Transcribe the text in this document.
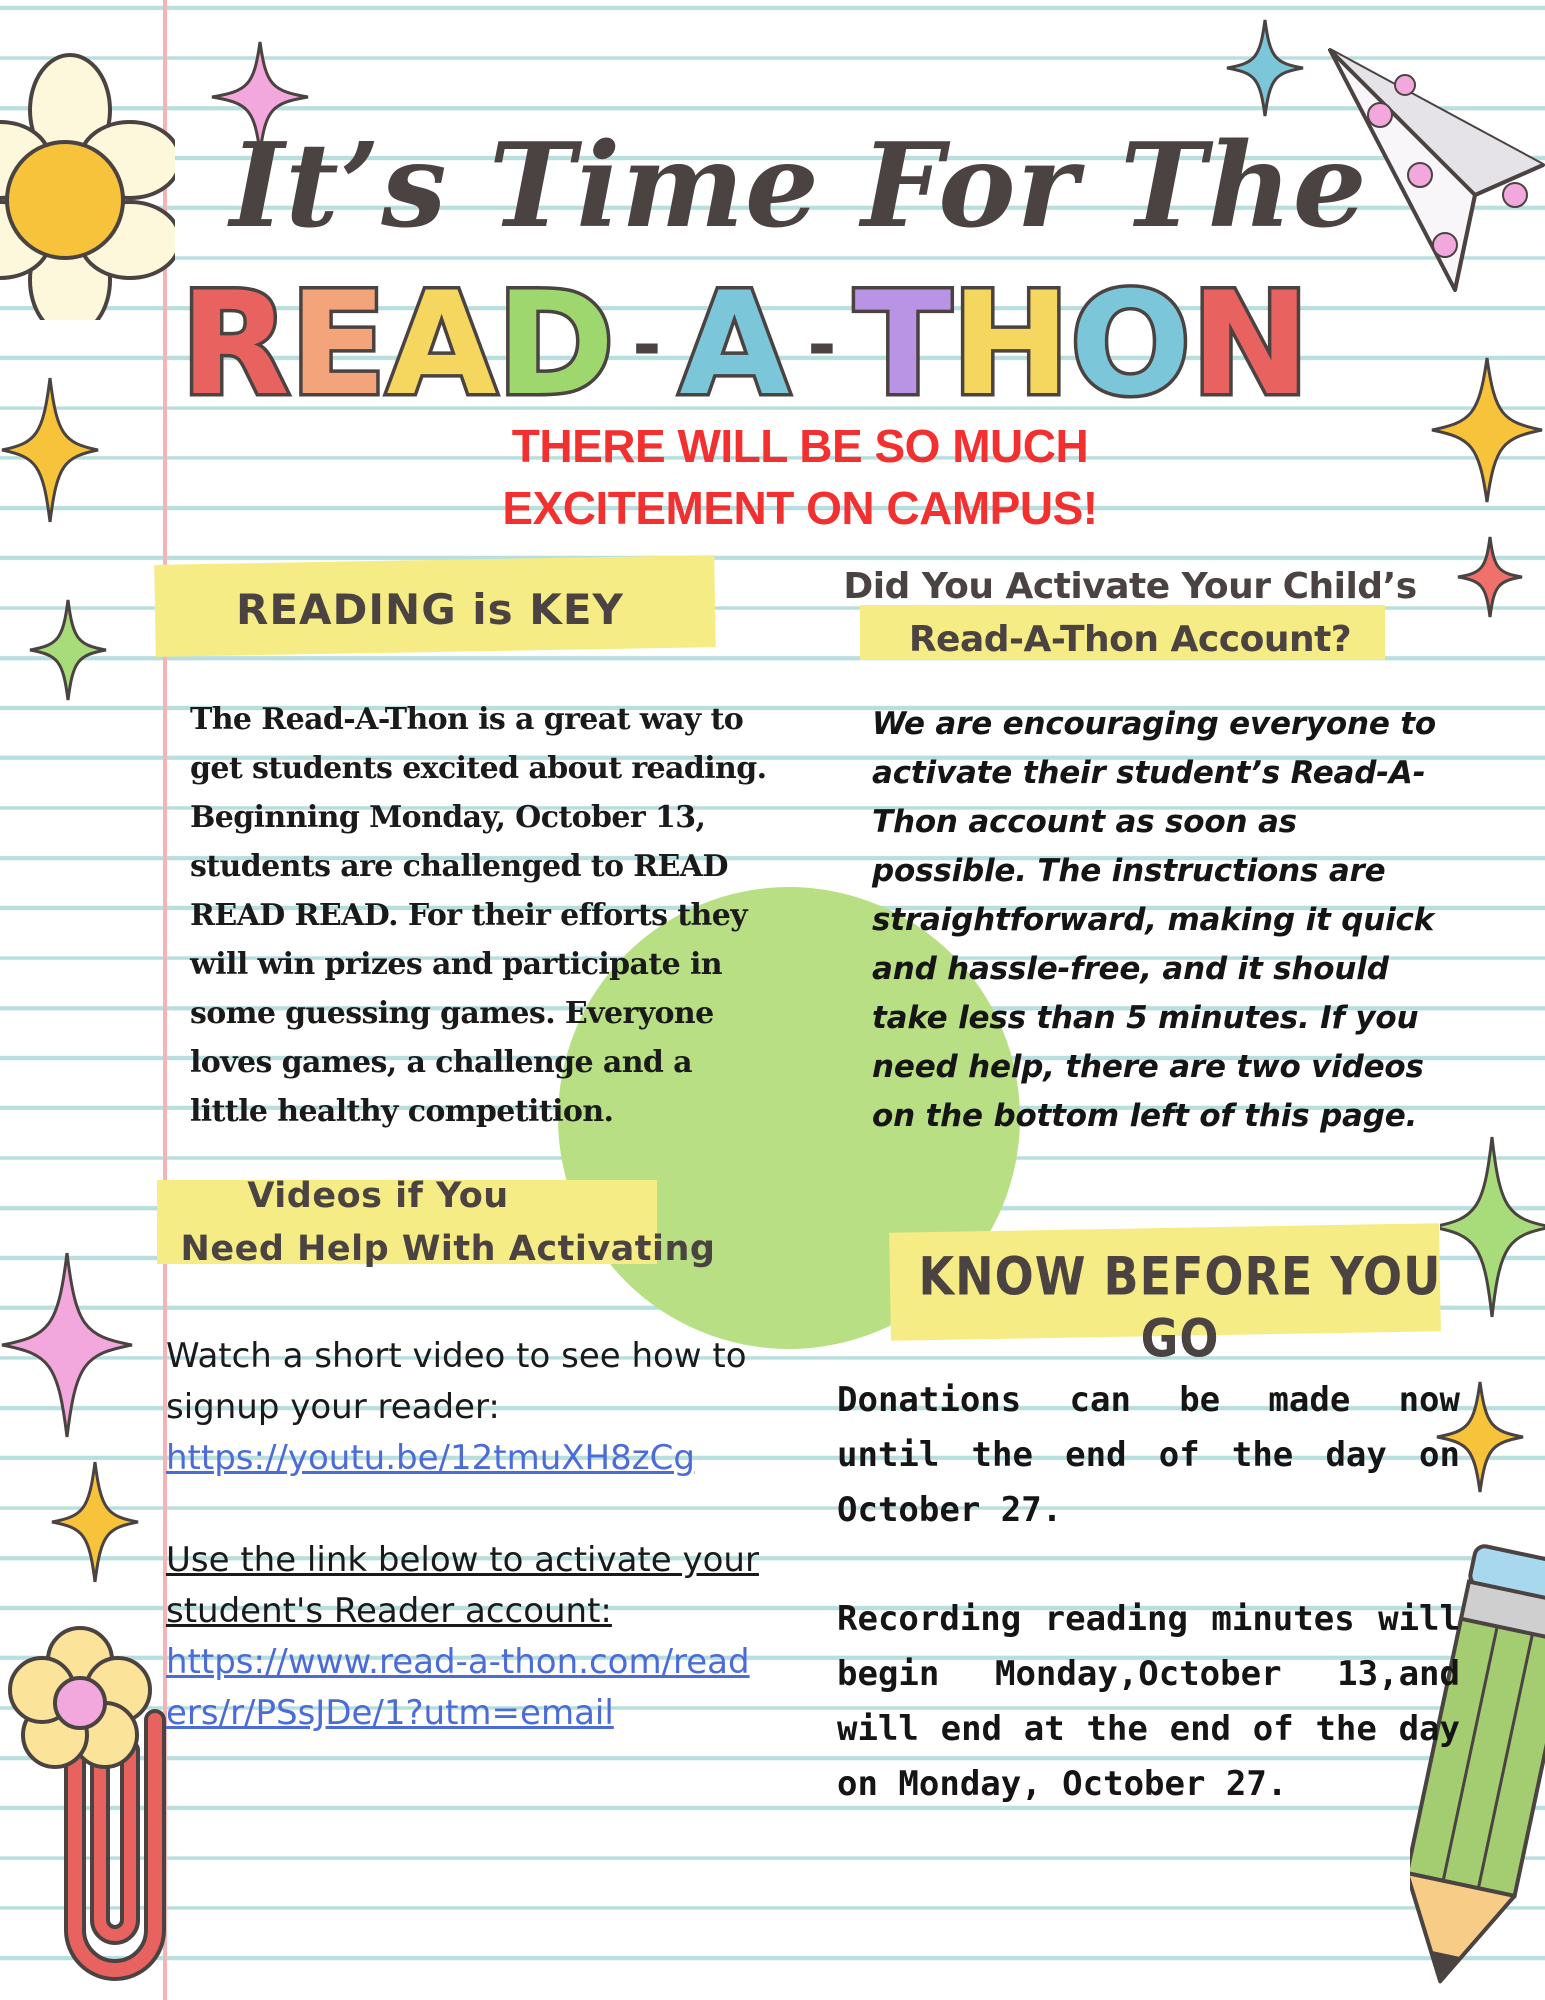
It’s Time For The
R E A D - A - T H O N
THERE WILL BE SO MUCH
EXCITEMENT ON CAMPUS!
READING is KEY
The Read-A-Thon is a great way to get students excited about reading. Beginning Monday, October 13, students are challenged to READ READ READ. For their efforts they will win prizes and participate in some guessing games. Everyone loves games, a challenge and a little healthy competition.
Videos if You
Need Help With Activating
Watch a short video to see how to signup your reader:
https://youtu.be/12tmuXH8zCg
Use the link below to activate your student's Reader account:
https://www.read-a-thon.com/readers/r/PSsJDe/1?utm=email
Did You Activate Your Child’s
Read-A-Thon Account?
We are encouraging everyone to activate their student’s Read-A-Thon account as soon as possible. The instructions are straightforward, making it quick and hassle-free, and it should take less than 5 minutes. If you need help, there are two videos on the bottom left of this page.
KNOW BEFORE YOU GO
Donations can be made now until the end of the day on October 27.
Recording reading minutes will begin Monday,October 13,and will end at the end of the day on Monday, October 27.
